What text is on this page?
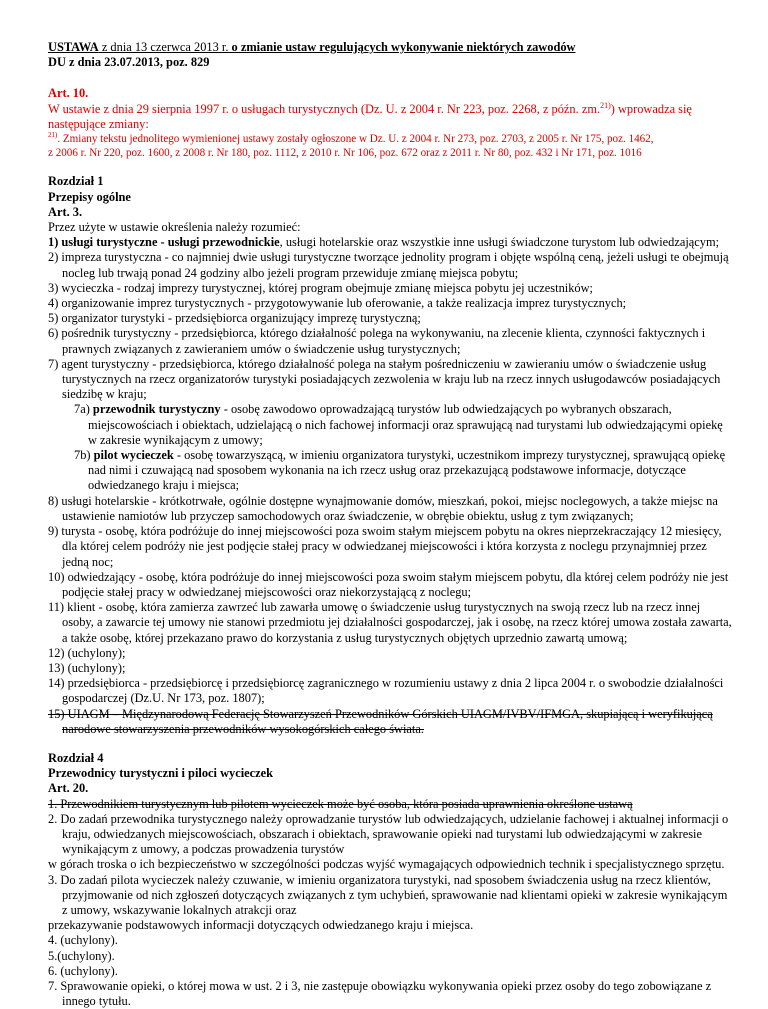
USTAWA z dnia 13 czerwca 2013 r. o zmianie ustaw regulujących wykonywanie niektórych zawodów

DU z dnia 23.07.2013, poz. 829

Art. 10.

W ustawie z dnia 29 sierpnia 1997 r. o usługach turystycznych (Dz. U. z 2004 r. Nr 223, poz. 2268, z późn. zm.$^{21)}$) wprowadza się następujące zmiany:

$^{21)}$. Zmiany tekstu jednolitego wymienionej ustawy zostały ogłoszone w Dz. U. z 2004 r. Nr 273, poz. 2703, z 2005 r. Nr 175, poz. 1462,
z 2006 r. Nr 220, poz. 1600, z 2008 r. Nr 180, poz. 1112, z 2010 r. Nr 106, poz. 672 oraz z 2011 r. Nr 80, poz. 432 i Nr 171, poz. 1016

Rozdział 1

Przepisy ogólne

Art. 3.

Przez użyte w ustawie określenia należy rozumieć:

1) usługi turystyczne - usługi przewodnickie, usługi hotelarskie oraz wszystkie inne usługi świadczone turystom lub odwiedzającym;

2) impreza turystyczna - co najmniej dwie usługi turystyczne tworzące jednolity program i objęte wspólną ceną, jeżeli usługi te obejmują nocleg lub trwają ponad 24 godziny albo jeżeli program przewiduje zmianę miejsca pobytu;

3) wycieczka - rodzaj imprezy turystycznej, której program obejmuje zmianę miejsca pobytu jej uczestników;

4) organizowanie imprez turystycznych - przygotowywanie lub oferowanie, a także realizacja imprez turystycznych;

5) organizator turystyki - przedsiębiorca organizujący imprezę turystyczną;

6) pośrednik turystyczny - przedsiębiorca, którego działalność polega na wykonywaniu, na zlecenie klienta, czynności faktycznych i prawnych związanych z zawieraniem umów o świadczenie usług turystycznych;

7) agent turystyczny - przedsiębiorca, którego działalność polega na stałym pośredniczeniu w zawieraniu umów o świadczenie usług turystycznych na rzecz organizatorów turystyki posiadających zezwolenia w kraju lub na rzecz innych usługodawców posiadających siedzibę w kraju;

7a) przewodnik turystyczny - osobę zawodowo oprowadzającą turystów lub odwiedzających po wybranych obszarach, miejscowościach i obiektach, udzielającą o nich fachowej informacji oraz sprawującą nad turystami lub odwiedzającymi opiekę w zakresie wynikającym z umowy;

7b) pilot wycieczek - osobę towarzyszącą, w imieniu organizatora turystyki, uczestnikom imprezy turystycznej, sprawującą opiekę nad nimi i czuwającą nad sposobem wykonania na ich rzecz usług oraz przekazującą podstawowe informacje, dotyczące odwiedzanego kraju i miejsca;

8) usługi hotelarskie - krótkotrwałe, ogólnie dostępne wynajmowanie domów, mieszkań, pokoi, miejsc noclegowych, a także miejsc na ustawienie namiotów lub przyczep samochodowych oraz świadczenie, w obrębie obiektu, usług z tym związanych;

9) turysta - osobę, która podróżuje do innej miejscowości poza swoim stałym miejscem pobytu na okres nieprzekraczający 12 miesięcy, dla której celem podróży nie jest podjęcie stałej pracy w odwiedzanej miejscowości i która korzysta z noclegu przynajmniej przez jedną noc;

10) odwiedzający - osobę, która podróżuje do innej miejscowości poza swoim stałym miejscem pobytu, dla której celem podróży nie jest podjęcie stałej pracy w odwiedzanej miejscowości oraz niekorzystającą z noclegu;

11) klient - osobę, która zamierza zawrzeć lub zawarła umowę o świadczenie usług turystycznych na swoją rzecz lub na rzecz innej osoby, a zawarcie tej umowy nie stanowi przedmiotu jej działalności gospodarczej, jak i osobę, na rzecz której umowa została zawarta, a także osobę, której przekazano prawo do korzystania z usług turystycznych objętych uprzednio zawartą umową;

12) (uchylony);

13) (uchylony);

14) przedsiębiorca - przedsiębiorcę i przedsiębiorcę zagranicznego w rozumieniu ustawy z dnia 2 lipca 2004 r. o swobodzie działalności gospodarczej (Dz.U. Nr 173, poz. 1807);

15) UIAGM – Międzynarodową Federację Stowarzyszeń Przewodników Górskich UIAGM/IVBV/IFMGA, skupiającą i weryfikującą narodowe stowarzyszenia przewodników wysokogórskich całego świata.

Rozdział 4

Przewodnicy turystyczni i piloci wycieczek

Art. 20.

1. Przewodnikiem turystycznym lub pilotem wycieczek może być osoba, która posiada uprawnienia określone ustawą

2. Do zadań przewodnika turystycznego należy oprowadzanie turystów lub odwiedzających, udzielanie fachowej i aktualnej informacji o kraju, odwiedzanych miejscowościach, obszarach i obiektach, sprawowanie opieki nad turystami lub odwiedzającymi w zakresie wynikającym z umowy, a podczas prowadzenia turystów

w górach troska o ich bezpieczeństwo w szczególności podczas wyjść wymagających odpowiednich technik i specjalistycznego sprzętu.

3. Do zadań pilota wycieczek należy czuwanie, w imieniu organizatora turystyki, nad sposobem świadczenia usług na rzecz klientów, przyjmowanie od nich zgłoszeń dotyczących związanych z tym uchybień, sprawowanie nad klientami opieki w zakresie wynikającym z umowy, wskazywanie lokalnych atrakcji oraz

przekazywanie podstawowych informacji dotyczących odwiedzanego kraju i miejsca.

4. (uchylony).

5.(uchylony).

6. (uchylony).

7. Sprawowanie opieki, o której mowa w ust. 2 i 3, nie zastępuje obowiązku wykonywania opieki przez osoby do tego zobowiązane z innego tytułu.
